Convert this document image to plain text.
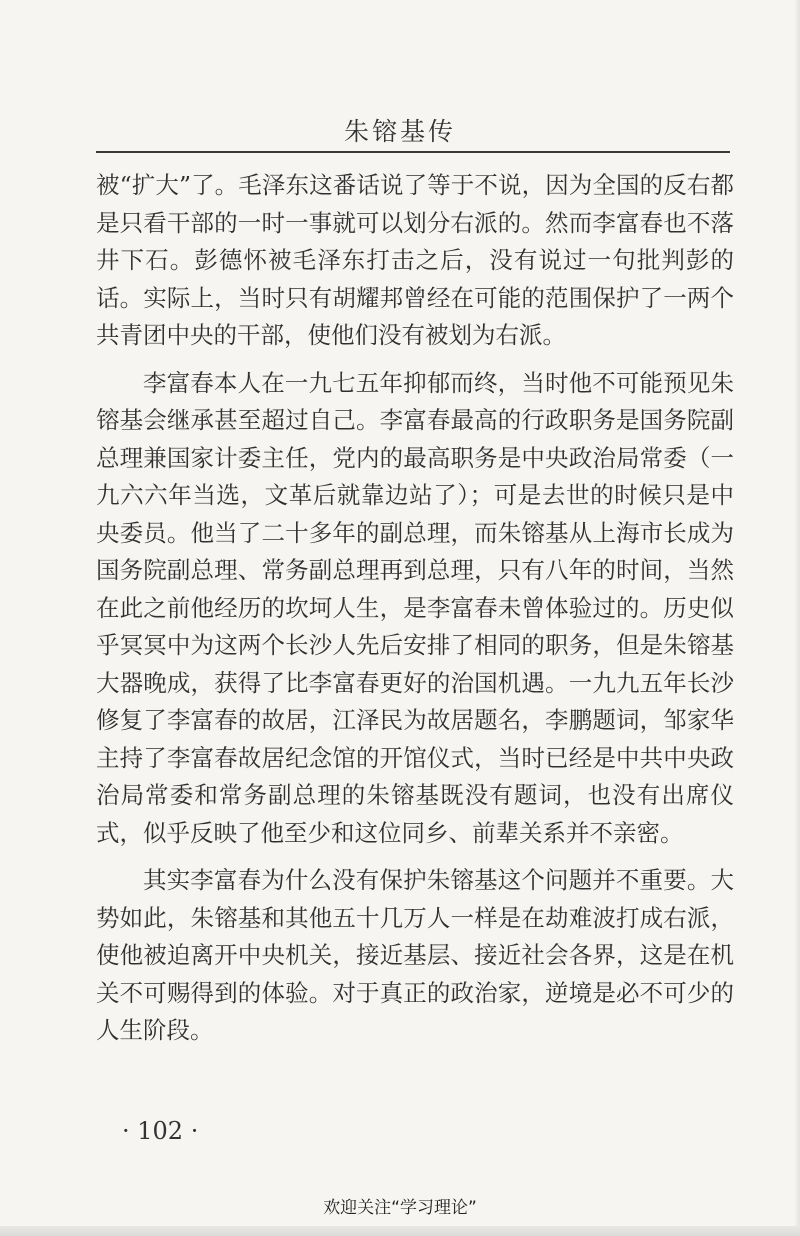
朱镕基传

被“扩大”了。毛泽东这番话说了等于不说，因为全国的反右都是只看干部的一时一事就可以划分右派的。然而李富春也不落井下石。彭德怀被毛泽东打击之后，没有说过一句批判彭的话。实际上，当时只有胡耀邦曾经在可能的范围保护了一两个共青团中央的干部，使他们没有被划为右派。

李富春本人在一九七五年抑郁而终，当时他不可能预见朱镕基会继承甚至超过自己。李富春最高的行政职务是国务院副总理兼国家计委主任，党内的最高职务是中央政治局常委（一九六六年当选，文革后就靠边站了）；可是去世的时候只是中央委员。他当了二十多年的副总理，而朱镕基从上海市长成为国务院副总理、常务副总理再到总理，只有八年的时间，当然在此之前他经历的坎坷人生，是李富春未曾体验过的。历史似乎冥冥中为这两个长沙人先后安排了相同的职务，但是朱镕基大器晚成，获得了比李富春更好的治国机遇。一九九五年长沙修复了李富春的故居，江泽民为故居题名，李鹏题词，邹家华主持了李富春故居纪念馆的开馆仪式，当时已经是中共中央政治局常委和常务副总理的朱镕基既没有题词，也没有出席仪式，似乎反映了他至少和这位同乡、前辈关系并不亲密。

其实李富春为什么没有保护朱镕基这个问题并不重要。大势如此，朱镕基和其他五十几万人一样是在劫难波打成右派，使他被迫离开中央机关，接近基层、接近社会各界，这是在机关不可赐得到的体验。对于真正的政治家，逆境是必不可少的人生阶段。

· 102 ·
欢迎关注“学习理论”
